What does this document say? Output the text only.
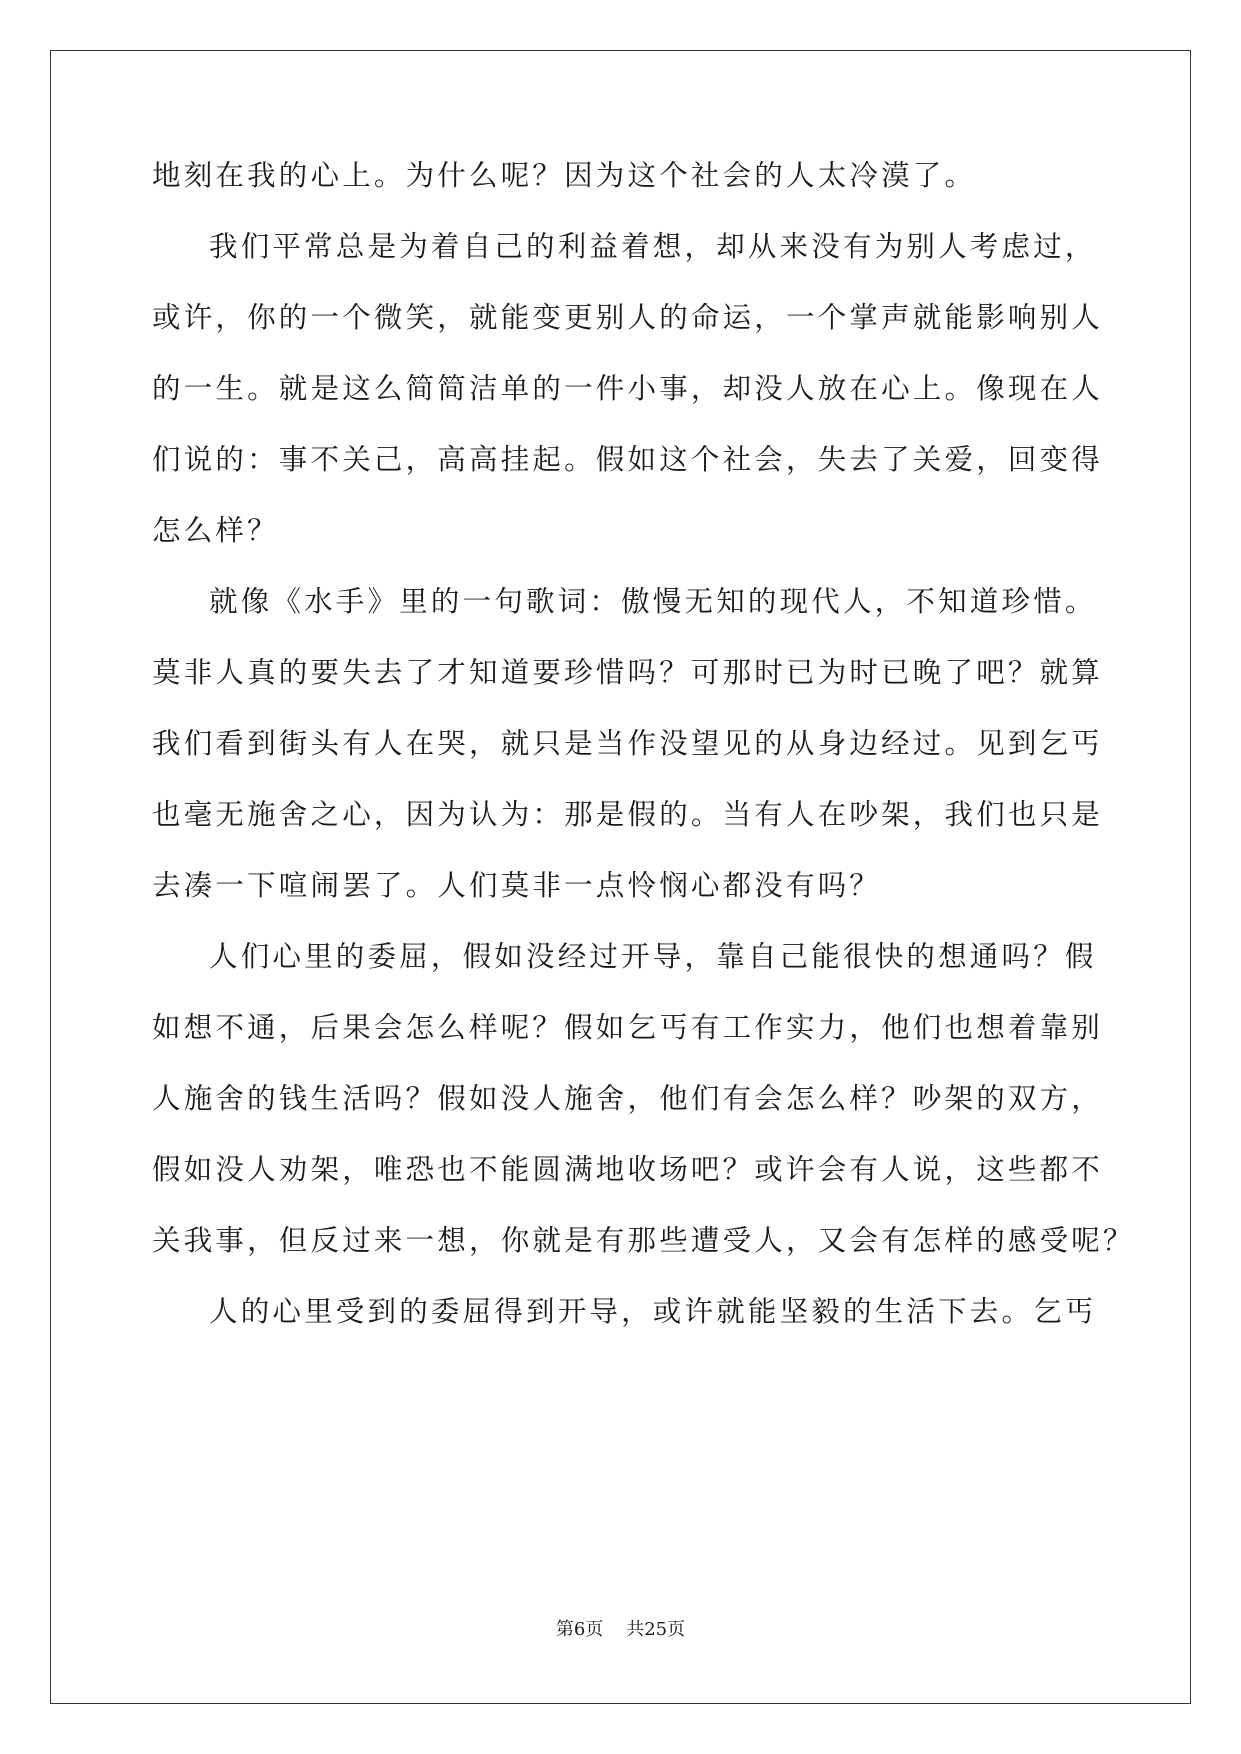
地刻在我的心上。为什么呢？因为这个社会的人太冷漠了。
我们平常总是为着自己的利益着想，却从来没有为别人考虑过，
或许，你的一个微笑，就能变更别人的命运，一个掌声就能影响别人
的一生。就是这么简简洁单的一件小事，却没人放在心上。像现在人
们说的：事不关己，高高挂起。假如这个社会，失去了关爱，回变得
怎么样？
就像《水手》里的一句歌词：傲慢无知的现代人，不知道珍惜。
莫非人真的要失去了才知道要珍惜吗？可那时已为时已晚了吧？就算
我们看到街头有人在哭，就只是当作没望见的从身边经过。见到乞丐
也毫无施舍之心，因为认为：那是假的。当有人在吵架，我们也只是
去凑一下喧闹罢了。人们莫非一点怜悯心都没有吗？
人们心里的委屈，假如没经过开导，靠自己能很快的想通吗？假
如想不通，后果会怎么样呢？假如乞丐有工作实力，他们也想着靠别
人施舍的钱生活吗？假如没人施舍，他们有会怎么样？吵架的双方，
假如没人劝架，唯恐也不能圆满地收场吧？或许会有人说，这些都不
关我事，但反过来一想，你就是有那些遭受人，又会有怎样的感受呢？
人的心里受到的委屈得到开导，或许就能坚毅的生活下去。乞丐
第6页 共25页
